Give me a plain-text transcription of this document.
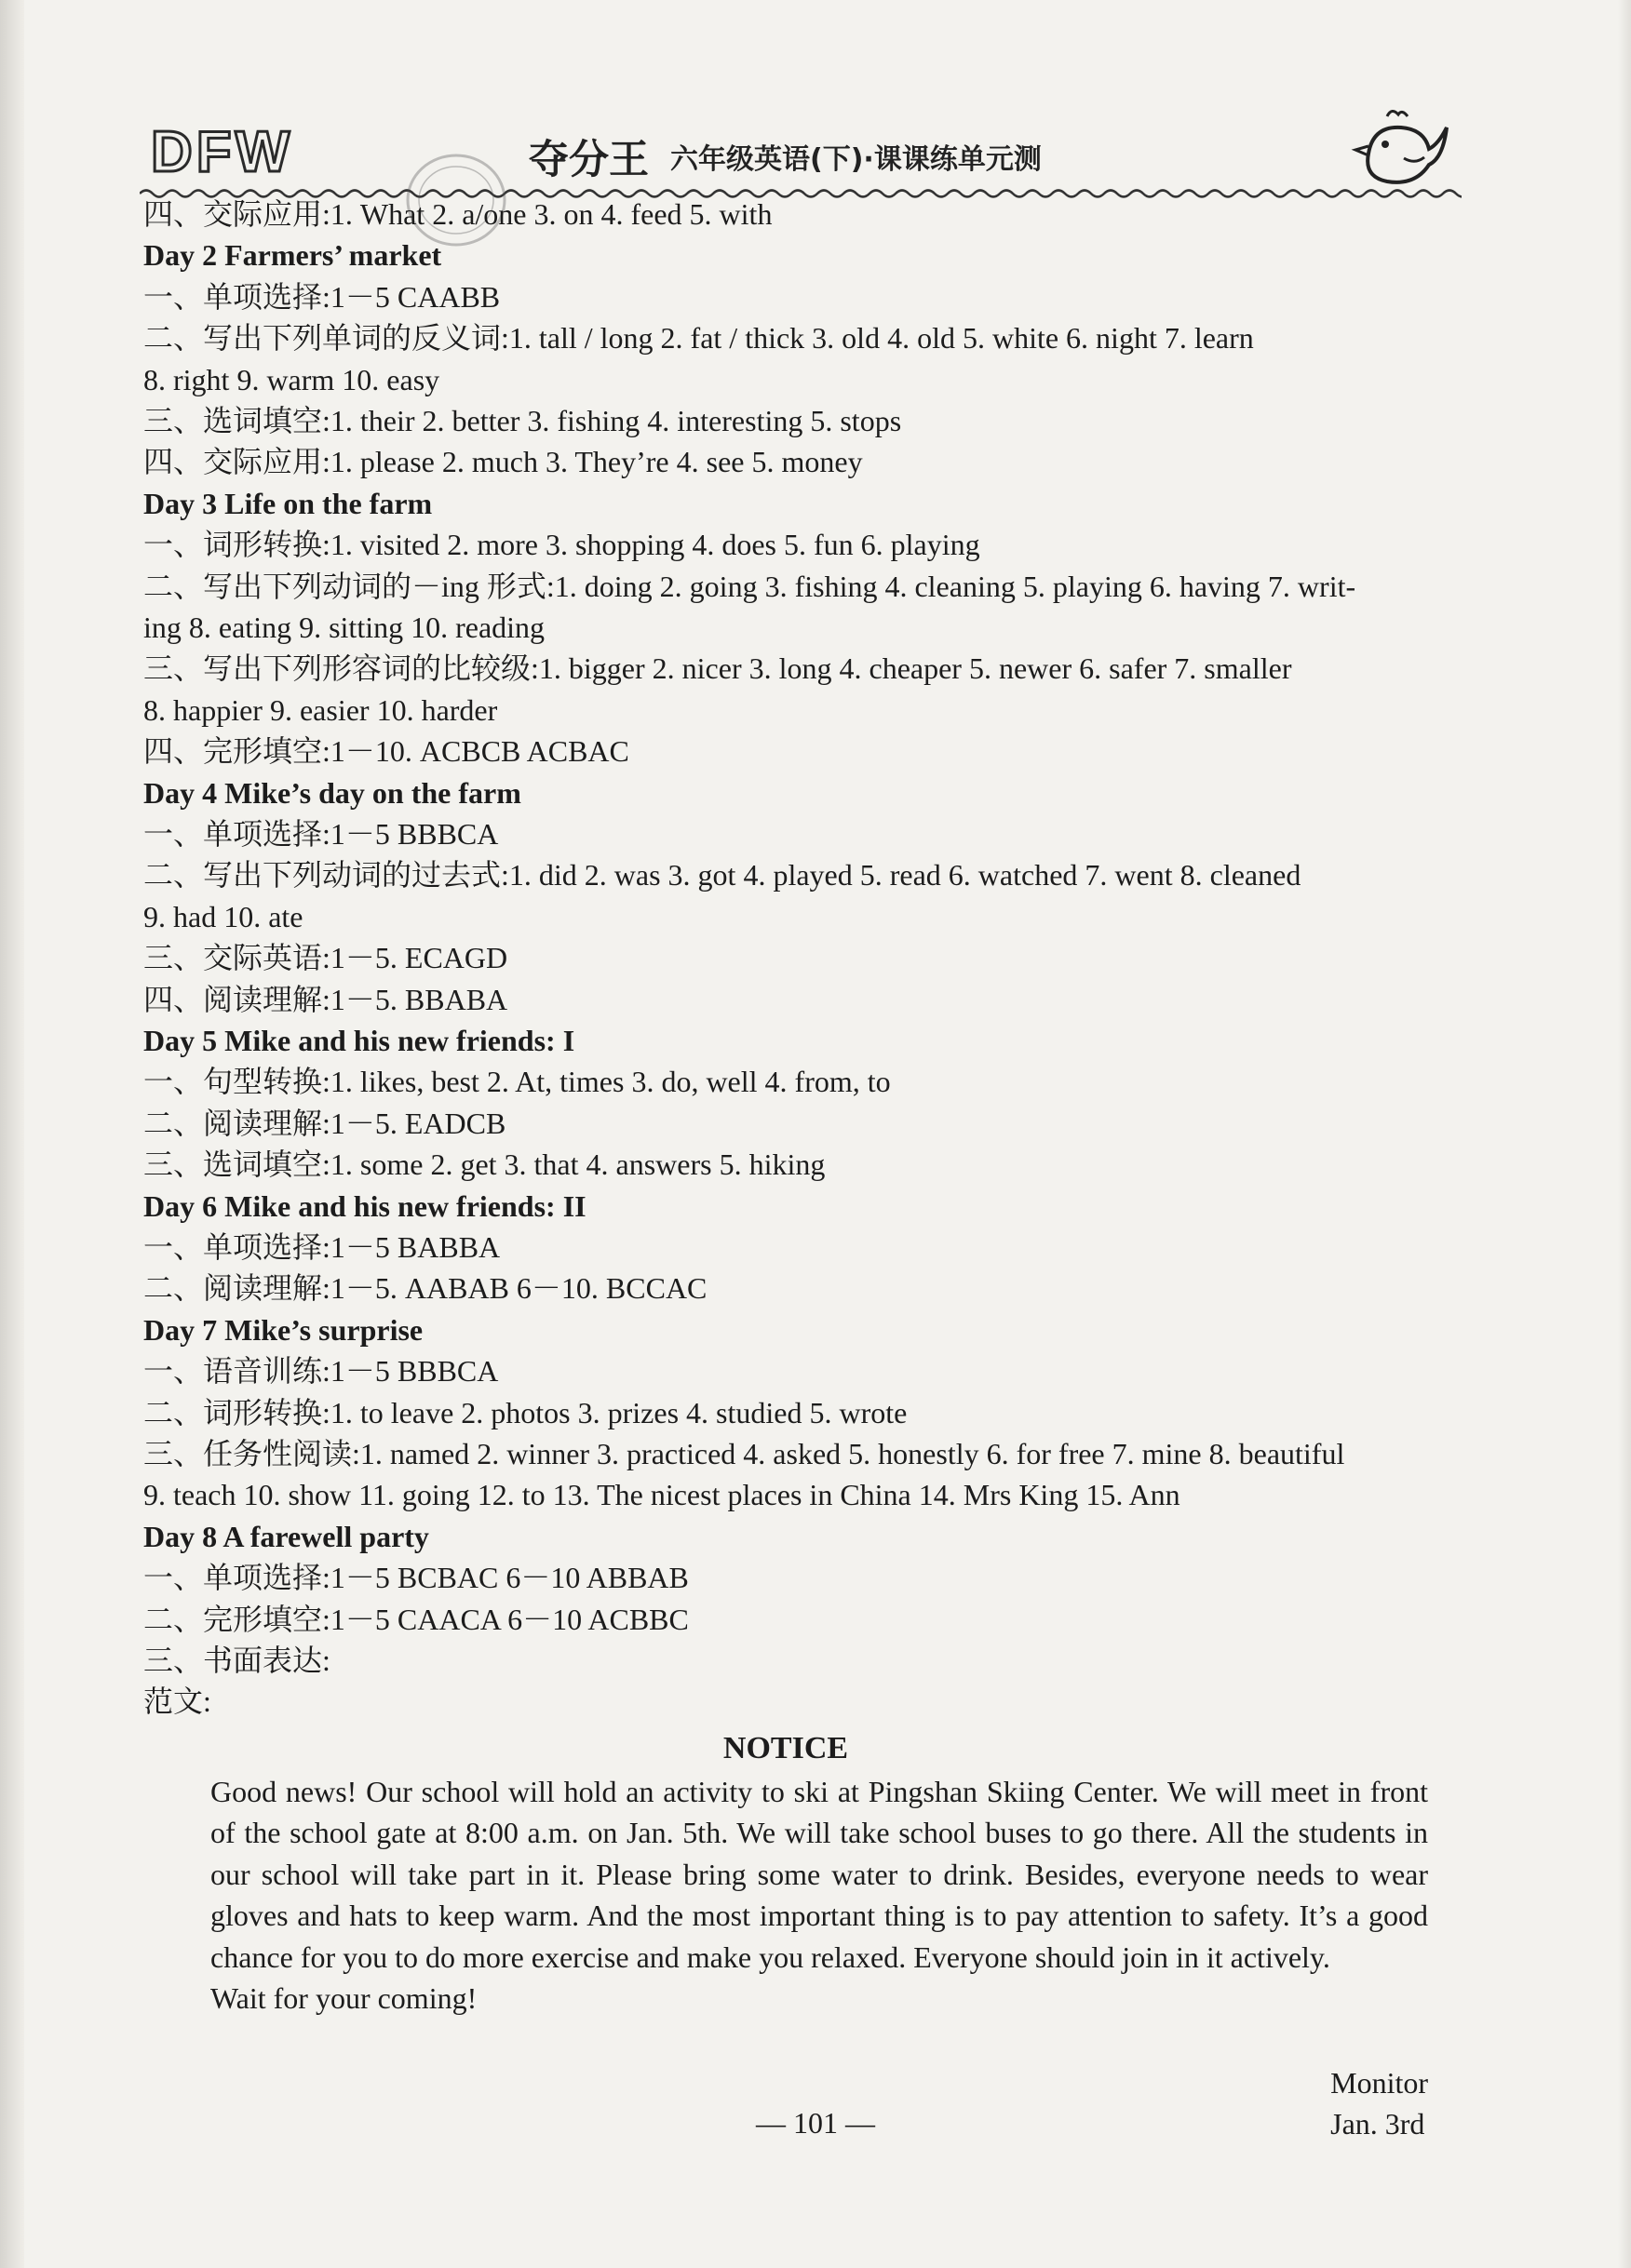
DFW	夺分王 六年级英语(下)·课课练单元测
四、交际应用:1. What 2. a/one 3. on 4. feed 5. with
Day 2 Farmers’ market
一、单项选择:1－5 CAABB
二、写出下列单词的反义词:1. tall / long 2. fat / thick 3. old 4. old 5. white 6. night 7. learn
8. right 9. warm 10. easy
三、选词填空:1. their 2. better 3. fishing 4. interesting 5. stops
四、交际应用:1. please 2. much 3. They’re 4. see 5. money
Day 3 Life on the farm
一、词形转换:1. visited 2. more 3. shopping 4. does 5. fun 6. playing
二、写出下列动词的－ing 形式:1. doing 2. going 3. fishing 4. cleaning 5. playing 6. having 7. writ-
ing 8. eating 9. sitting 10. reading
三、写出下列形容词的比较级:1. bigger 2. nicer 3. long 4. cheaper 5. newer 6. safer 7. smaller
8. happier 9. easier 10. harder
四、完形填空:1－10. ACBCB ACBAC
Day 4 Mike’s day on the farm
一、单项选择:1－5 BBBCA
二、写出下列动词的过去式:1. did 2. was 3. got 4. played 5. read 6. watched 7. went 8. cleaned
9. had 10. ate
三、交际英语:1－5. ECAGD
四、阅读理解:1－5. BBABA
Day 5 Mike and his new friends: I
一、句型转换:1. likes, best 2. At, times 3. do, well 4. from, to
二、阅读理解:1－5. EADCB
三、选词填空:1. some 2. get 3. that 4. answers 5. hiking
Day 6 Mike and his new friends: II
一、单项选择:1－5 BABBA
二、阅读理解:1－5. AABAB 6－10. BCCAC
Day 7 Mike’s surprise
一、语音训练:1－5 BBBCA
二、词形转换:1. to leave 2. photos 3. prizes 4. studied 5. wrote
三、任务性阅读:1. named 2. winner 3. practiced 4. asked 5. honestly 6. for free 7. mine 8. beautiful
9. teach 10. show 11. going 12. to 13. The nicest places in China 14. Mrs King 15. Ann
Day 8 A farewell party
一、单项选择:1－5 BCBAC 6－10 ABBAB
二、完形填空:1－5 CAACA 6－10 ACBBC
三、书面表达:
范文:
NOTICE
Good news! Our school will hold an activity to ski at Pingshan Skiing Center. We will meet in front of the school gate at 8:00 a.m. on Jan. 5th. We will take school buses to go there. All the students in our school will take part in it. Please bring some water to drink. Besides, everyone needs to wear gloves and hats to keep warm. And the most important thing is to pay attention to safety. It’s a good chance for you to do more exercise and make you relaxed. Everyone should join in it actively.
Wait for your coming!
Monitor
Jan. 3rd
— 101 —
